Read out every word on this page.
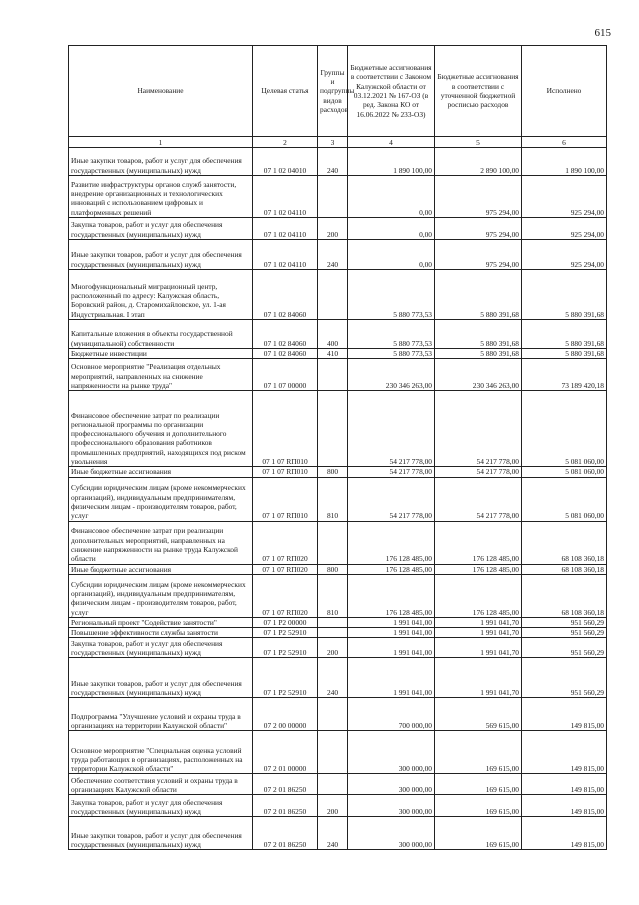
615
Наименование	Целевая статья	Группы и подгруппы видов расходов	Бюджетные ассигнования в соответствии с Законом Калужской области от 03.12.2021 № 167-ОЗ (в ред. Закона КО от 16.06.2022 № 233-ОЗ)	Бюджетные ассигнования в соответствии с уточненной бюджетной росписью расходов	Исполнено
1	2	3	4	5	6
Иные закупки товаров, работ и услуг для обеспечения государственных (муниципальных) нужд	07 1 02 04010	240	1 890 100,00	2 890 100,00	1 890 100,00
Развитие инфраструктуры органов служб занятости, внедрение организационных и технологических инноваций с использованием цифровых и платформенных решений	07 1 02 04110		0,00	975 294,00	925 294,00
Закупка товаров, работ и услуг для обеспечения государственных (муниципальных) нужд	07 1 02 04110	200	0,00	975 294,00	925 294,00
Иные закупки товаров, работ и услуг для обеспечения государственных (муниципальных) нужд	07 1 02 04110	240	0,00	975 294,00	925 294,00
Многофункциональный миграционный центр, расположенный по адресу: Калужская область, Боровский район, д. Старомихайловское, ул. 1-ая Индустриальная. I этап	07 1 02 84060		5 880 773,53	5 880 391,68	5 880 391,68
Капитальные вложения в объекты государственной (муниципальной) собственности	07 1 02 84060	400	5 880 773,53	5 880 391,68	5 880 391,68
Бюджетные инвестиции	07 1 02 84060	410	5 880 773,53	5 880 391,68	5 880 391,68
Основное мероприятие "Реализация отдельных мероприятий, направленных на снижение напряженности на рынке труда"	07 1 07 00000		230 346 263,00	230 346 263,00	73 189 420,18
Финансовое обеспечение затрат по реализации региональной программы по организации профессионального обучения и дополнительного профессионального образования работников промышленных предприятий, находящихся под риском увольнения	07 1 07 RП010		54 217 778,00	54 217 778,00	5 081 060,00
Иные бюджетные ассигнования	07 1 07 RП010	800	54 217 778,00	54 217 778,00	5 081 060,00
Субсидии юридическим лицам (кроме некоммерческих организаций), индивидуальным предпринимателям, физическим лицам - производителям товаров, работ, услуг	07 1 07 RП010	810	54 217 778,00	54 217 778,00	5 081 060,00
Финансовое обеспечение затрат при реализации дополнительных мероприятий, направленных на снижение напряженности на рынке труда Калужской области	07 1 07 RП020		176 128 485,00	176 128 485,00	68 108 360,18
Иные бюджетные ассигнования	07 1 07 RП020	800	176 128 485,00	176 128 485,00	68 108 360,18
Субсидии юридическим лицам (кроме некоммерческих организаций), индивидуальным предпринимателям, физическим лицам - производителям товаров, работ, услуг	07 1 07 RП020	810	176 128 485,00	176 128 485,00	68 108 360,18
Региональный проект "Содействие занятости"	07 1 P2 00000		1 991 041,00	1 991 041,70	951 560,29
Повышение эффективности службы занятости	07 1 P2 52910		1 991 041,00	1 991 041,70	951 560,29
Закупка товаров, работ и услуг для обеспечения государственных (муниципальных) нужд	07 1 P2 52910	200	1 991 041,00	1 991 041,70	951 560,29
Иные закупки товаров, работ и услуг для обеспечения государственных (муниципальных) нужд	07 1 P2 52910	240	1 991 041,00	1 991 041,70	951 560,29
Подпрограмма "Улучшение условий и охраны труда в организациях на территории Калужской области"	07 2 00 00000		700 000,00	569 615,00	149 815,00
Основное мероприятие "Специальная оценка условий труда работающих в организациях, расположенных на территории Калужской области"	07 2 01 00000		300 000,00	169 615,00	149 815,00
Обеспечение соответствия условий и охраны труда в организациях Калужской области	07 2 01 86250		300 000,00	169 615,00	149 815,00
Закупка товаров, работ и услуг для обеспечения государственных (муниципальных) нужд	07 2 01 86250	200	300 000,00	169 615,00	149 815,00
Иные закупки товаров, работ и услуг для обеспечения государственных (муниципальных) нужд	07 2 01 86250	240	300 000,00	169 615,00	149 815,00
